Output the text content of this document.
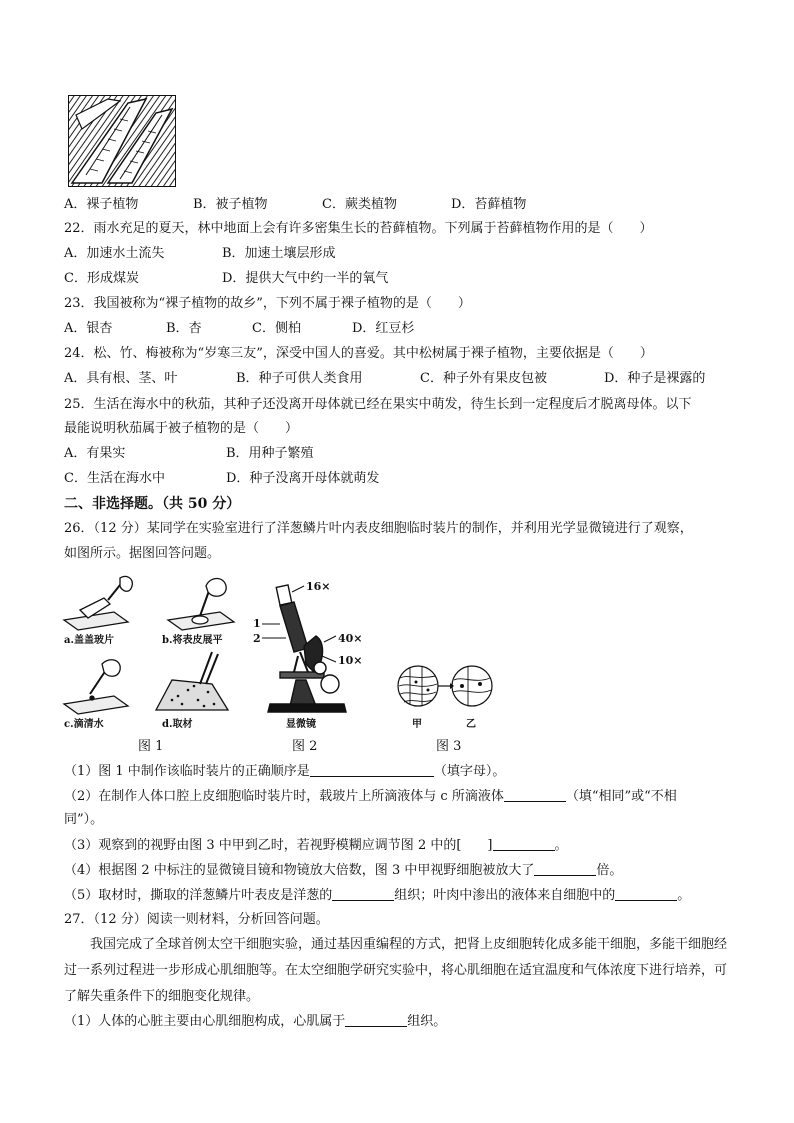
A．裸子植物	B．被子植物	C．蕨类植物	D．苔藓植物
22．雨水充足的夏天，林中地面上会有许多密集生长的苔藓植物。下列属于苔藓植物作用的是（　　）
A．加速水土流失	B．加速土壤层形成
C．形成煤炭	D．提供大气中约一半的氧气
23．我国被称为“裸子植物的故乡”，下列不属于裸子植物的是（　　）
A．银杏	B．杏	C．侧柏	D．红豆杉
24．松、竹、梅被称为“岁寒三友”，深受中国人的喜爱。其中松树属于裸子植物，主要依据是（　　）
A．具有根、茎、叶	B．种子可供人类食用	C．种子外有果皮包被	D．种子是裸露的
25．生活在海水中的秋茄，其种子还没离开母体就已经在果实中萌发，待生长到一定程度后才脱离母体。以下
最能说明秋茄属于被子植物的是（　　）
A．有果实	B．用种子繁殖
C．生活在海水中	D．种子没离开母体就萌发
二、非选择题。（共 50 分）
26．（12 分）某同学在实验室进行了洋葱鳞片叶内表皮细胞临时装片的制作，并利用光学显微镜进行了观察，
如图所示。据图回答问题。
a.盖盖玻片	b.将表皮展平
c.滴清水	d.取材
16×
1
2	40×
10×
显微镜	甲	乙
图 1	图 2	图 3
（1）图 1 中制作该临时装片的正确顺序是	（填字母）。
（2）在制作人体口腔上皮细胞临时装片时，载玻片上所滴液体与 c 所滴液体	（填“相同”或“不相
同”）。
（3）观察到的视野由图 3 中甲到乙时，若视野模糊应调节图 2 中的[　　]	。
（4）根据图 2 中标注的显微镜目镜和物镜放大倍数，图 3 中甲视野细胞被放大了	倍。
（5）取材时，撕取的洋葱鳞片叶表皮是洋葱的	组织；叶肉中渗出的液体来自细胞中的	。
27．（12 分）阅读一则材料，分析回答问题。
我国完成了全球首例太空干细胞实验，通过基因重编程的方式，把肾上皮细胞转化成多能干细胞，多能干细胞经过一系列过程进一步形成心肌细胞等。在太空细胞学研究实验中，将心肌细胞在适宜温度和气体浓度下进行培养，可了解失重条件下的细胞变化规律。
（1）人体的心脏主要由心肌细胞构成，心肌属于	组织。
